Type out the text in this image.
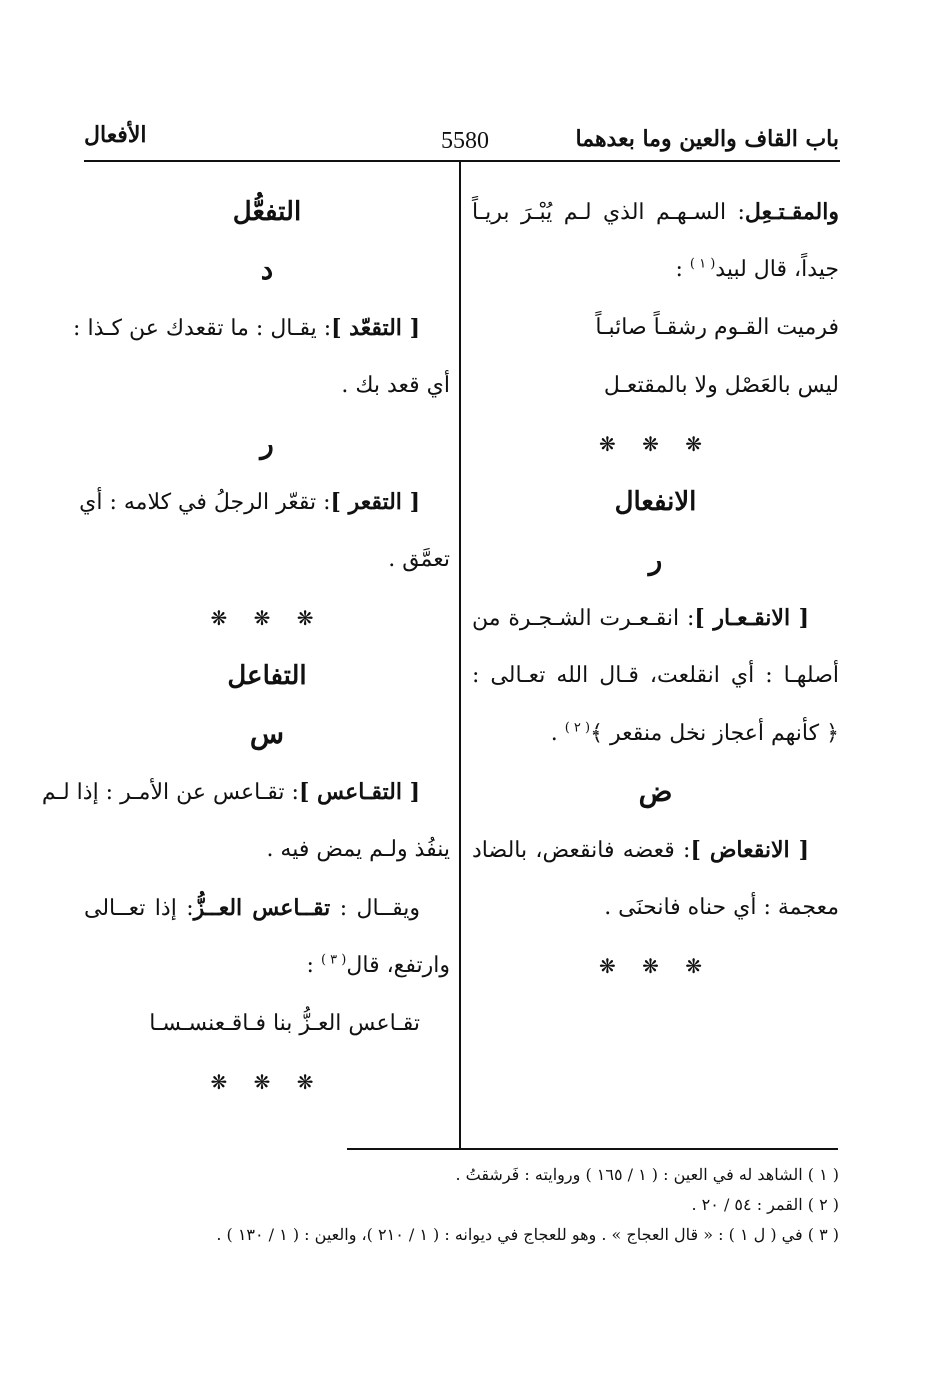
باب القاف والعين وما بعدهما
5580
الأفعال
والمقـتـعِل: السـهـم الذي لـم يُبْـرَ بريـاً
جيداً، قال لبيد$^{( ١ )}$ :
فرميت القـوم رشقـاً صائبـاً
ليس بالعَصْل ولا بالمقتعـل
❋ ❋ ❋
الانفعال
ر
[ الانقـعـار ]: انقـعـرت الشـجـرة من
أصلهـا : أي انقلعت، قـال الله تعـالى :
﴿ كأنهم أعجاز نخل منقعر ﴾$^{( ٢ )}$ .
ض
[ الانقعاض ]: قعضه فانقعض، بالضاد
معجمة : أي حناه فانحنَى .
❋ ❋ ❋
التفعُّل
د
[ التقعّد ]: يقـال : ما تقعدك عن كـذا :
أي قعد بك .
ر
[ التقعر ]: تقعّر الرجلُ في كلامه : أي
تعمَّق .
❋ ❋ ❋
التفاعل
س
[ التقـاعس ]: تقـاعس عن الأمـر : إذا لـم
ينفُذ ولـم يمض فيه .
ويقــال : تقــاعس العــزُّ: إذا تعــالى
وارتفع، قال$^{( ٣ )}$ :
تقـاعس العـزُّ بنا فـاقـعنسـسـا
❋ ❋ ❋
( ١ ) الشاهد له في العين : ( ١ / ١٦٥ ) وروايته : فَرشقتُ .
( ٢ ) القمر : ٥٤ / ٢٠ .
( ٣ ) في ( ل ١ ) : « قال العجاج » . وهو للعجاج في ديوانه : ( ١ / ٢١٠ )، والعين : ( ١ / ١٣٠ ) .
